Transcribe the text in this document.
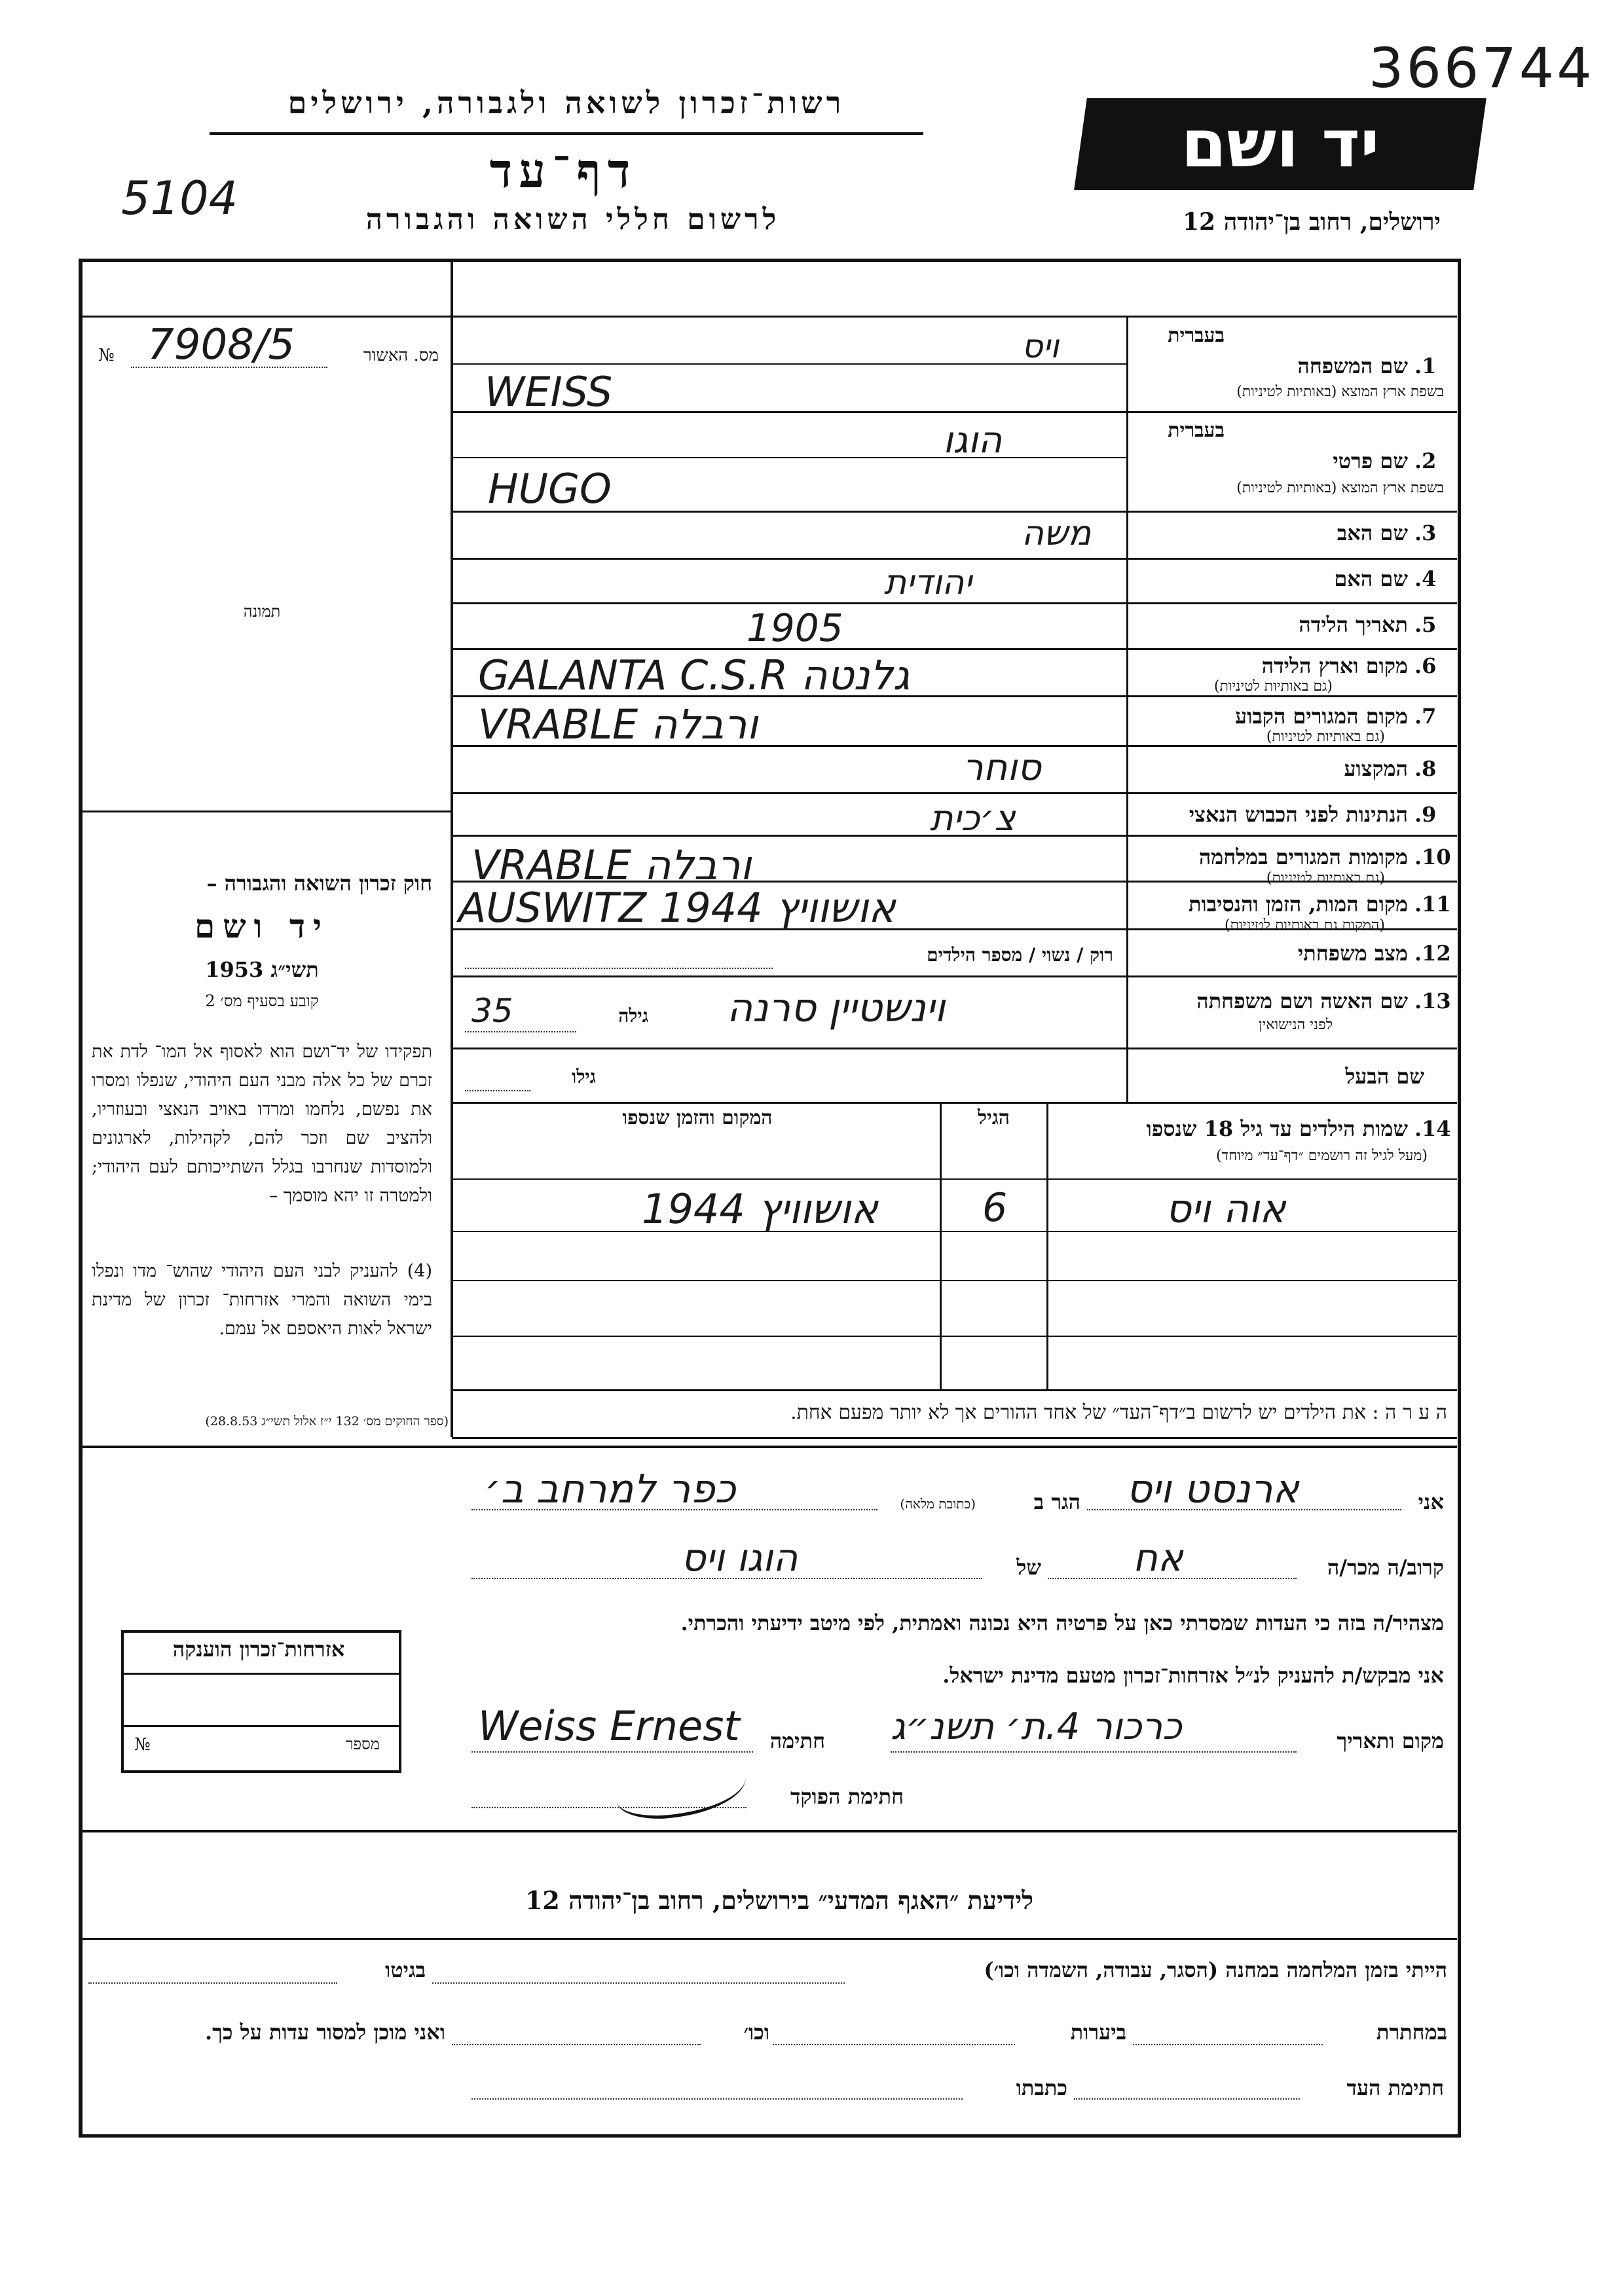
רשות־זכרון לשואה ולגבורה, ירושלים
דף־עד
לרשום חללי השואה והגבורה
5104
יד ושם
366744
ירושלים, רחוב בן־יהודה 12
מס. האשור
№ 7908/5
תמונה
חוק זכרון השואה והגבורה –
יד ושם
תשי״ג 1953
קובע בסעיף מס׳ 2
תפקידו של יד־ושם הוא לאסוף אל המו־ לדת את זכרם של כל אלה מבני העם היהודי, שנפלו ומסרו את נפשם, נלחמו ומרדו באויב הנאצי ובעוזריו, ולהציב שם וזכר להם, לקהילות, לארגונים ולמוסדות שנחרבו בגלל השתייכותם לעם היהודי; ולמטרה זו יהא מוסמך –
(4) להעניק לבני העם היהודי שהוש־ מדו ונפלו בימי השואה והמרי אזרחות־ זכרון של מדינת ישראל לאות היאספם אל עמם.
(ספר החוקים מס׳ 132 י״ז אלול תשי״ג 28.8.53)
1.
שם המשפחה
בעברית
בשפת ארץ המוצא (באותיות לטיניות)
ויס
WEISS
2.
שם פרטי
בעברית
בשפת ארץ המוצא (באותיות לטיניות)
הוגו
HUGO
3.
שם האב
משה
4.
שם האם
יהודית
5.
תאריך הלידה
1905
6.
מקום וארץ הלידה
(גם באותיות לטיניות)
GALANTA C.S.R גלנטה
7.
מקום המגורים הקבוע
(גם באותיות לטיניות)
VRABLE ורבלה
8.
המקצוע
סוחר
9.
הנתינות לפני הכבוש הנאצי
צ׳כית
10.
מקומות המגורים במלחמה
(גם באותיות לטיניות)
VRABLE ורבלה
11.
מקום המות, הזמן והנסיבות
(המקום גם באותיות לטיניות)
AUSWITZ 1944 אושוויץ
12.
מצב משפחתי
רוק / נשוי / מספר הילדים
13.
שם האשה ושם משפחתה
לפני הנישואין
וינשטיין סרנה
גילה
35
שם הבעל
גילו
14.
שמות הילדים עד גיל 18 שנספו
(מעל לגיל זה רושמים ״דף־עד״ מיוחד)
הגיל
המקום והזמן שנספו
אוה ויס
6
אושוויץ 1944
ה ע ר ה : את הילדים יש לרשום ב״דף־העד״ של אחד ההורים אך לא יותר מפעם אחת.
אני
ארנסט ויס
הגר ב
(כתובת מלאה)
כפר למרחב ב׳
קרוב/ה מכר/ה
אח
של
הוגו ויס
מצהיר/ה בזה כי העדות שמסרתי כאן על פרטיה היא נכונה ואמתית, לפי מיטב ידיעתי והכרתי.
אני מבקש/ת להעניק לנ״ל אזרחות־זכרון מטעם מדינת ישראל.
מקום ותאריך
כרכור 4.ת׳ תשנ״ג
חתימה
Weiss Ernest
חתימת הפוקד
אזרחות־זכרון הוענקה
№	מספר
לידיעת ״האגף המדעי״ בירושלים, רחוב בן־יהודה 12
הייתי בזמן המלחמה במחנה (הסגר, עבודה, השמדה וכו׳)
בגיטו
במחתרת
ביערות
וכו׳
ואני מוכן למסור עדות על כך.
חתימת העד
כתבתו
